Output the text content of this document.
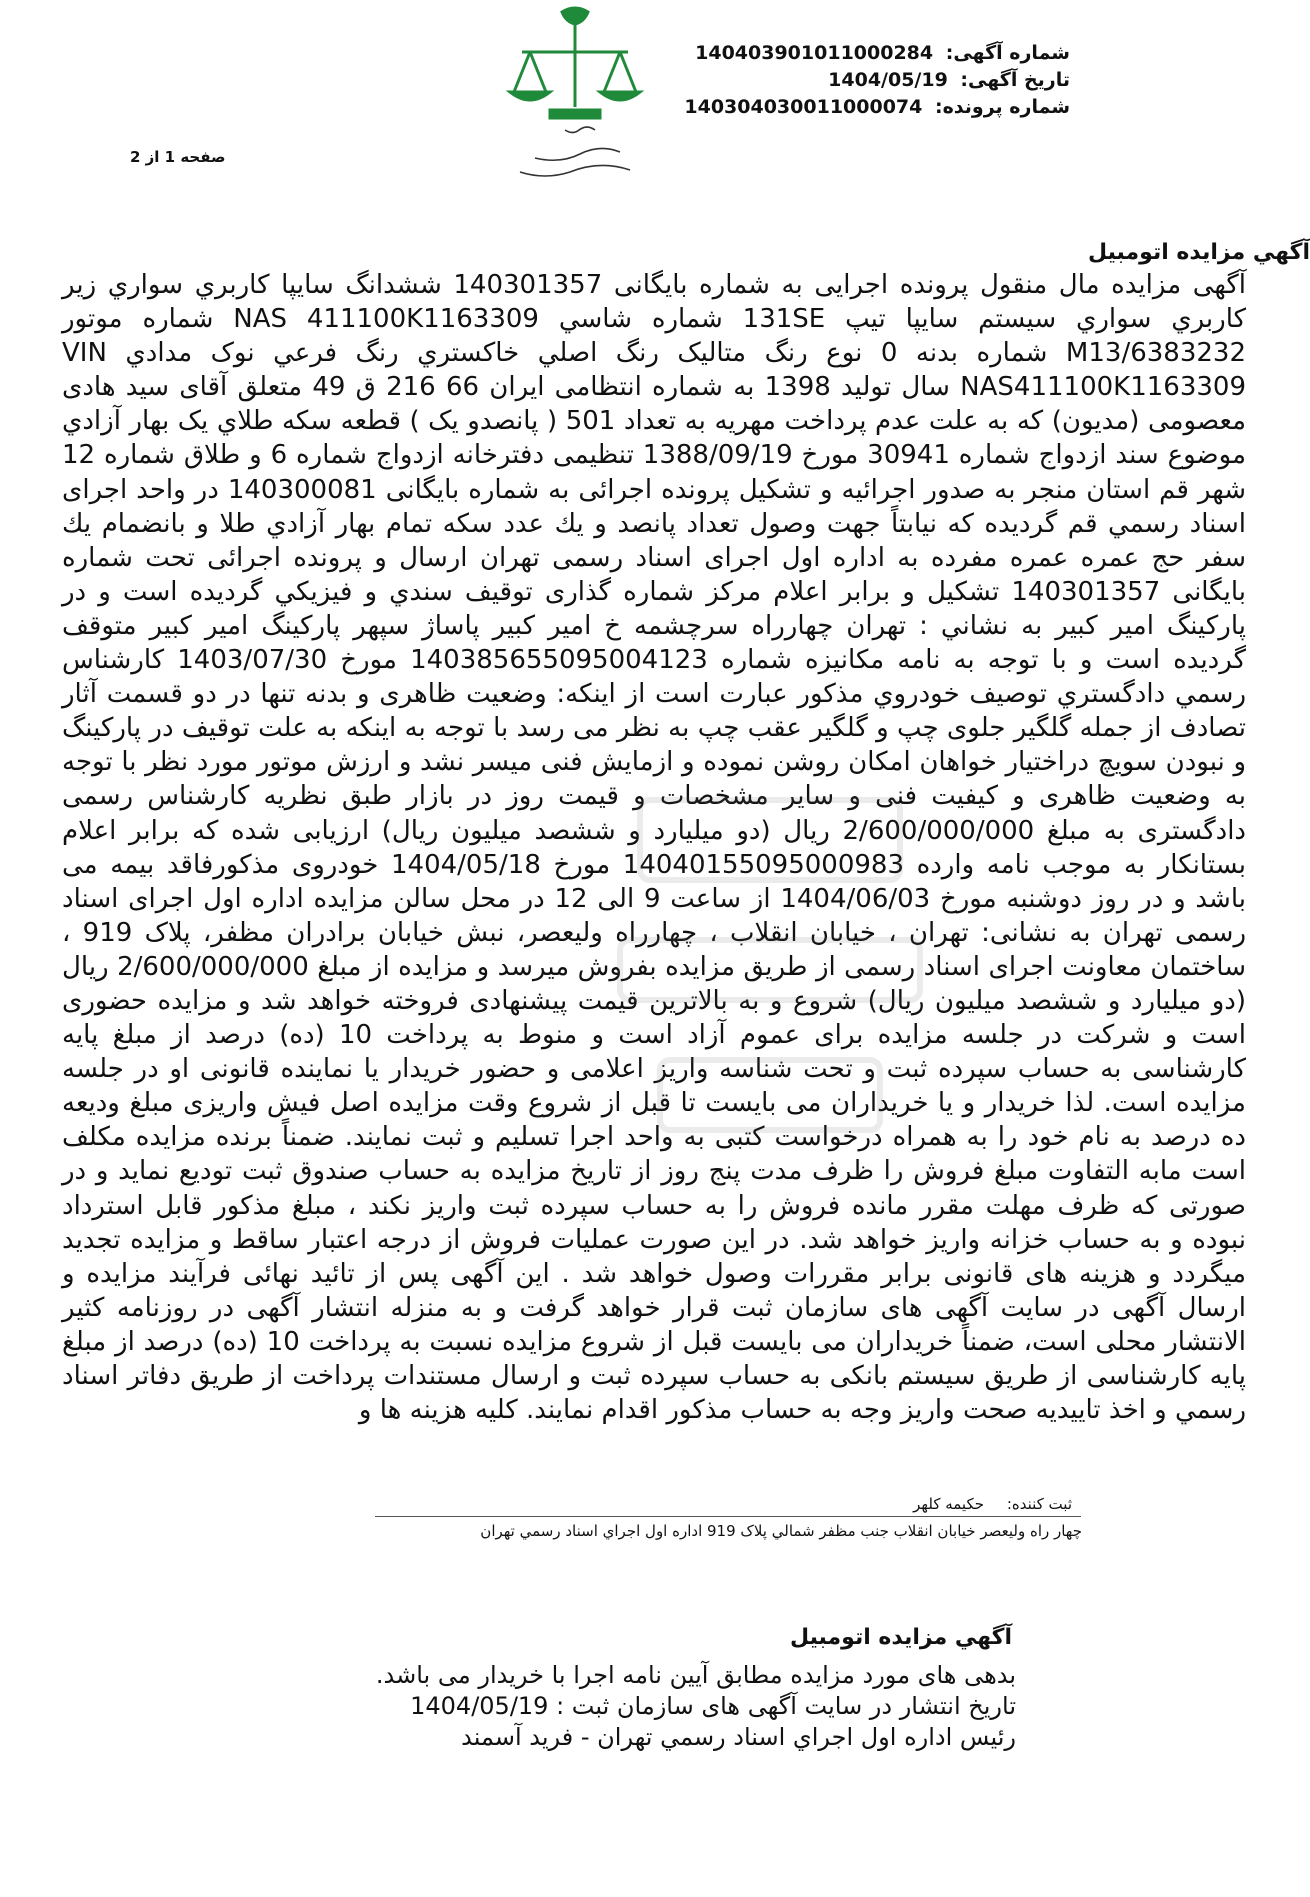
شماره آگهی: 14040390101100028﻿4
تاریخ آگهی: 1404/05/19
شماره پرونده: 140304030011000074
صفحه 1 از 2
آگهي مزايده اتومبيل
آگهی مزایده مال منقول پرونده اجرایی به شماره بایگانی 140301357 ششدانگ سايپا كاربري سواري زير كاربري سواري سيستم سايپا تيپ 131SE شماره شاسي NAS 411100K1163309 شماره موتور M13/6383232 شماره بدنه 0 نوع رنگ متاليک رنگ اصلي خاكستري رنگ فرعي نوک مدادي VIN NAS411100K1163309 سال توليد 1398 به شماره انتظامی ایران 66 216 ق 49 متعلق آقای سید هادی معصومی (مدیون) كه به علت عدم پرداخت مهریه به تعداد 501 ( پانصدو یک ) قطعه سكه طلاي یک بهار آزادي موضوع سند ازدواج شماره 30941 مورخ 1388/09/19 تنظیمی دفترخانه ازدواج شماره 6 و طلاق شماره 12 شهر قم استان منجر به صدور اجرائیه و تشکیل پرونده اجرائی به شماره بایگانی 140300081 در واحد اجرای اسناد رسمي قم گردیده كه نيابتاً جهت وصول تعداد پانصد و يك عدد سكه تمام بهار آزادي طلا و بانضمام يك سفر حج عمره عمره مفرده به اداره اول اجرای اسناد رسمی تهران ارسال و پرونده اجرائی تحت شماره بایگانی 140301357 تشکیل و برابر اعلام مرکز شماره گذاری توقيف سندي و فيزيكي گرديده است و در پاركينگ امير كبير به نشاني : تهران چهارراه سرچشمه خ امیر کبیر پاساژ سپهر پارکینگ امير كبير متوقف گرديده است و با توجه به نامه مكانيزه شماره 140385655095004123 مورخ 1403/07/30 كارشناس رسمي دادگستري توصيف خودروي مذكور عبارت است از اينكه: وضعیت ظاهری و بدنه تنها در دو قسمت آثار تصادف از جمله گلگیر جلوی چپ و گلگیر عقب چپ به نظر می رسد با توجه به اینکه به علت توقیف در پارکینگ و نبودن سویچ دراختیار خواهان امکان روشن نموده و ازمایش فنی میسر نشد و ارزش موتور مورد نظر با توجه به وضعیت ظاهری و کیفیت فنی و سایر مشخصات و قیمت روز در بازار طبق نظریه کارشناس رسمی دادگستری به مبلغ 2/600/000/000 ریال (دو میلیارد و ششصد میلیون ریال) ارزیابی شده كه برابر اعلام بستانكار به موجب نامه وارده 14040155095000983 مورخ 1404/05/18 خودروی مذکورفاقد بیمه می باشد و در روز دوشنبه مورخ 1404/06/03 از ساعت 9 الی 12 در محل سالن مزایده اداره اول اجرای اسناد رسمی تهران به نشانی: تهران ، خیابان انقلاب ، چهارراه ولیعصر، نبش خیابان برادران مظفر، پلاک 919 ، ساختمان معاونت اجرای اسناد رسمی از طريق مزايده بفروش ميرسد و مزايده از مبلغ 2/600/000/000 ریال (دو میلیارد و ششصد میلیون ریال) شروع و به بالاترین قیمت پیشنهادی فروخته خواهد شد و مزایده حضوری است و شرکت در جلسه مزایده برای عموم آزاد است و منوط به پرداخت 10 (ده) درصد از مبلغ پایه کارشناسی به حساب سپرده ثبت و تحت شناسه واریز اعلامی و حضور خریدار یا نماینده قانونی او در جلسه مزایده است. لذا خریدار و یا خریداران می بایست تا قبل از شروع وقت مزایده اصل فیش واریزی مبلغ ودیعه ده درصد به نام خود را به همراه درخواست کتبی به واحد اجرا تسلیم و ثبت نمایند. ضمناً برنده مزایده مکلف است مابه التفاوت مبلغ فروش را ظرف مدت پنج روز از تاریخ مزایده به حساب صندوق ثبت تودیع نماید و در صورتی که ظرف مهلت مقرر مانده فروش را به حساب سپرده ثبت واریز نکند ، مبلغ مذکور قابل استرداد نبوده و به حساب خزانه واریز خواهد شد. در این صورت عملیات فروش از درجه اعتبار ساقط و مزایده تجدید میگردد و هزینه های قانونی برابر مقررات وصول خواهد شد . این آگهی پس از تائید نهائی فرآیند مزایده و ارسال آگهی در سایت آگهی های سازمان ثبت قرار خواهد گرفت و به منزله انتشار آگهی در روزنامه کثیر الانتشار محلی است، ضمناً خريداران می بايست قبل از شروع مزايده نسبت به پرداخت 10 (ده) درصد از مبلغ پايه كارشناسی از طريق سيستم بانكی به حساب سپرده ثبت و ارسال مستندات پرداخت از طريق دفاتر اسناد رسمي و اخذ تاييديه صحت واريز وجه به حساب مذكور اقدام نمايند. كليه هزينه ها و
ثبت کننده: حکیمه کلهر
چهار راه وليعصر خيابان انقلاب جنب مظفر شمالي پلاک 919 اداره اول اجراي اسناد رسمي تهران
آگهي مزايده اتومبيل
بدهی های مورد مزایده مطابق آیین نامه اجرا با خریدار می باشد.
تاریخ انتشار در سایت آگهی های سازمان ثبت : 1404/05/19
رئيس اداره اول اجراي اسناد رسمي تهران - فريد آسمند
